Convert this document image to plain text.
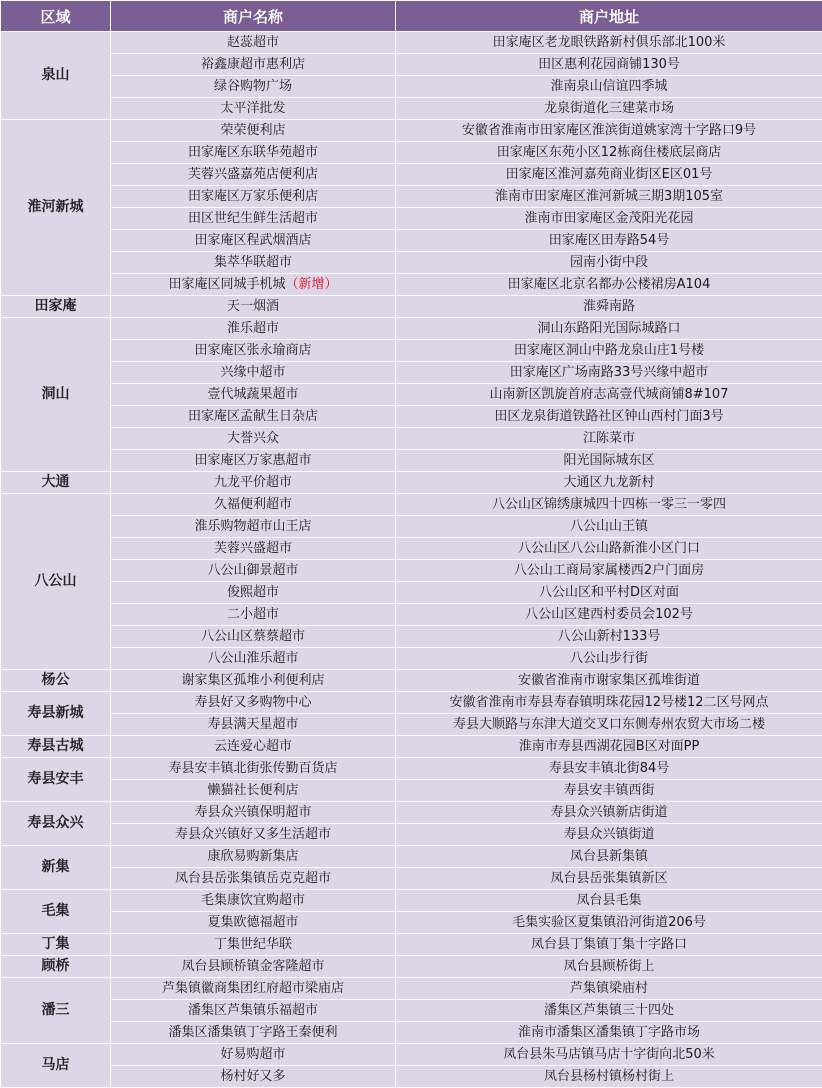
区域	商户名称	商户地址
泉山	赵蕊超市	田家庵区老龙眼铁路新村俱乐部北100米
	裕鑫康超市惠利店	田区惠利花园商铺130号
	绿谷购物广场	淮南泉山信谊四季城
	太平洋批发	龙泉街道化三建菜市场
淮河新城	荣荣便利店	安徽省淮南市田家庵区淮滨街道姚家湾十字路口9号
	田家庵区东联华苑超市	田家庵区东苑小区12栋商住楼底层商店
	芙蓉兴盛嘉苑店便利店	田家庵区淮河嘉苑商业街区E区01号
	田家庵区万家乐便利店	淮南市田家庵区淮河新城三期3期105室
	田区世纪生鲜生活超市	淮南市田家庵区金茂阳光花园
	田家庵区程武烟酒店	田家庵区田寿路54号
	集萃华联超市	园南小街中段
	田家庵区同城手机城（新增）	田家庵区北京名都办公楼裙房A104
田家庵	天一烟酒	淮舜南路
洞山	淮乐超市	洞山东路阳光国际城路口
	田家庵区张永瑜商店	田家庵区洞山中路龙泉山庄1号楼
	兴缘中超市	田家庵区广场南路33号兴缘中超市
	壹代城蔬果超市	山南新区凯旋首府志高壹代城商铺8#107
	田家庵区孟献生日杂店	田区龙泉街道铁路社区钟山西村门面3号
	大誉兴众	江陈菜市
	田家庵区万家惠超市	阳光国际城东区
大通	九龙平价超市	大通区九龙新村
八公山	久福便利超市	八公山区锦绣康城四十四栋一零三一零四
	淮乐购物超市山王店	八公山山王镇
	芙蓉兴盛超市	八公山区八公山路新淮小区门口
	八公山御景超市	八公山工商局家属楼西2户门面房
	俊熙超市	八公山区和平村D区对面
	二小超市	八公山区建西村委员会102号
	八公山区蔡蔡超市	八公山新村133号
	八公山淮乐超市	八公山步行街
杨公	谢家集区孤堆小利便利店	安徽省淮南市谢家集区孤堆街道
寿县新城	寿县好又多购物中心	安徽省淮南市寿县寿春镇明珠花园12号楼12二区号网点
	寿县满天星超市	寿县大顺路与东津大道交叉口东侧寿州农贸大市场二楼
寿县古城	云连爱心超市	淮南市寿县西湖花园B区对面PP
寿县安丰	寿县安丰镇北街张传勤百货店	寿县安丰镇北街84号
	懒猫社长便利店	寿县安丰镇西街
寿县众兴	寿县众兴镇保明超市	寿县众兴镇新店街道
	寿县众兴镇好又多生活超市	寿县众兴镇街道
新集	康欣易购新集店	凤台县新集镇
	凤台县岳张集镇岳克克超市	凤台县岳张集镇新区
毛集	毛集康饮宜购超市	凤台县毛集
	夏集欧德福超市	毛集实验区夏集镇沿河街道206号
丁集	丁集世纪华联	凤台县丁集镇丁集十字路口
顾桥	凤台县顾桥镇金客隆超市	凤台县顾桥街上
潘三	芦集镇徽商集团红府超市梁庙店	芦集镇梁庙村
	潘集区芦集镇乐福超市	潘集区芦集镇三十四处
	潘集区潘集镇丁字路王秦便利	淮南市潘集区潘集镇丁字路市场
马店	好易购超市	凤台县朱马店镇马店十字街向北50米
	杨村好又多	凤台县杨村镇杨村街上
